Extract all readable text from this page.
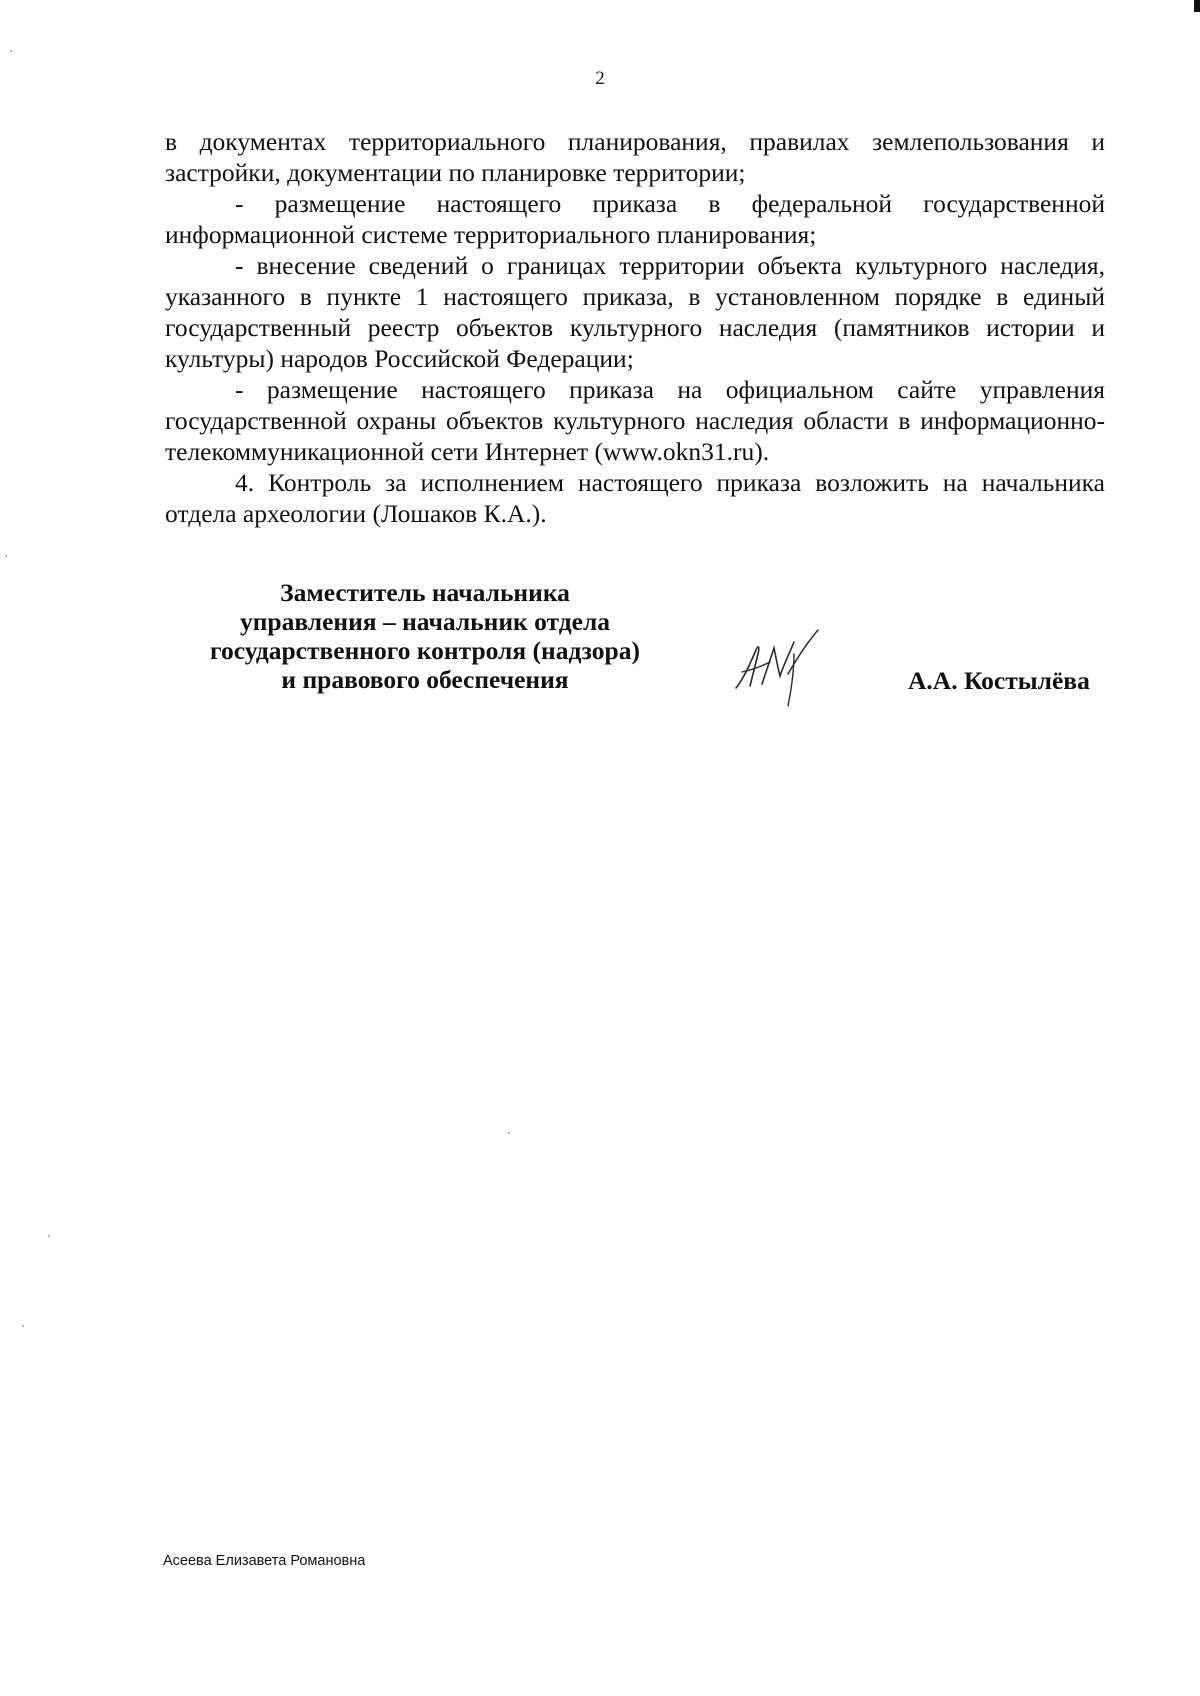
2

в документах территориального планирования, правилах землепользования и застройки, документации по планировке территории;

- размещение настоящего приказа в федеральной государственной информационной системе территориального планирования;

- внесение сведений о границах территории объекта культурного наследия, указанного в пункте 1 настоящего приказа, в установленном порядке в единый государственный реестр объектов культурного наследия (памятников истории и культуры) народов Российской Федерации;

- размещение настоящего приказа на официальном сайте управления государственной охраны объектов культурного наследия области в информационно-телекоммуникационной сети Интернет (www.okn31.ru).

4. Контроль за исполнением настоящего приказа возложить на начальника отдела археологии (Лошаков К.А.).

Заместитель начальника
управления – начальник отдела
государственного контроля (надзора)
и правового обеспечения	А.А. Костылёва
Асеева Елизавета Романовна
